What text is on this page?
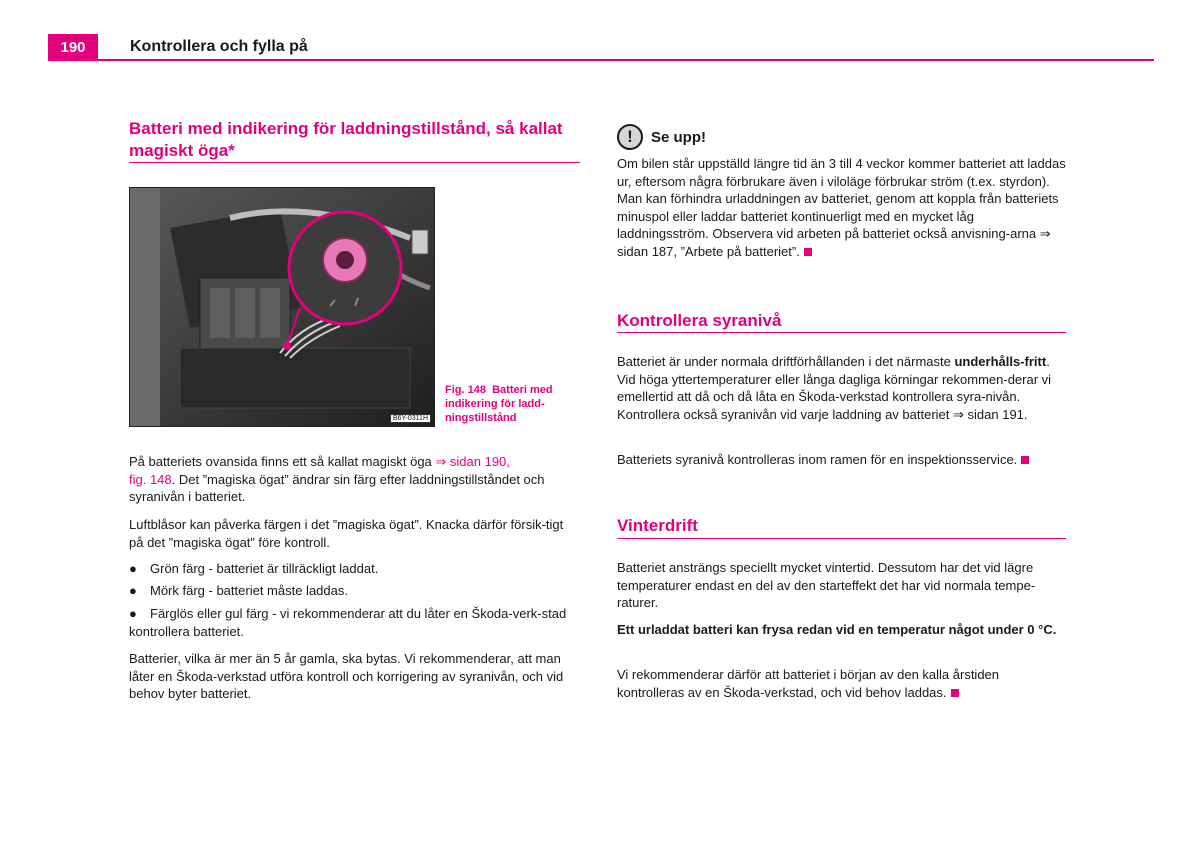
190	Kontrollera och fylla på
Batteri med indikering för laddningstillstånd, så kallat magiskt öga*
B6Y-0311H
Fig. 148 Batteri med indikering för ladd-ningstillstånd
På batteriets ovansida finns ett så kallat magiskt öga ⇒ sidan 190,
fig. 148. Det ”magiska ögat” ändrar sin färg efter laddningstillståndet och syranivån i batteriet.
Luftblåsor kan påverka färgen i det ”magiska ögat”. Knacka därför försik-tigt på det ”magiska ögat” före kontroll.
●	Grön färg - batteriet är tillräckligt laddat.
●	Mörk färg - batteriet måste laddas.
●	Färglös eller gul färg - vi rekommenderar att du låter en Škoda-verk-stad kontrollera batteriet.
Batterier, vilka är mer än 5 år gamla, ska bytas. Vi rekommenderar, att man låter en Škoda-verkstad utföra kontroll och korrigering av syranivån, och vid behov byter batteriet.
!	Se upp!
Om bilen står uppställd längre tid än 3 till 4 veckor kommer batteriet att laddas ur, eftersom några förbrukare även i viloläge förbrukar ström (t.ex. styrdon). Man kan förhindra urladdningen av batteriet, genom att koppla från batteriets minuspol eller laddar batteriet kontinuerligt med en mycket låg laddningsström. Observera vid arbeten på batteriet också anvisning-arna ⇒ sidan 187, ”Arbete på batteriet”.
Kontrollera syranivå
Batteriet är under normala driftförhållanden i det närmaste underhålls-fritt. Vid höga yttertemperaturer eller långa dagliga körningar rekommen-derar vi emellertid att då och då låta en Škoda-verkstad kontrollera syra-nivån. Kontrollera också syranivån vid varje laddning av batteriet ⇒ sidan 191.
Batteriets syranivå kontrolleras inom ramen för en inspektionsservice.
Vinterdrift
Batteriet ansträngs speciellt mycket vintertid. Dessutom har det vid lägre temperaturer endast en del av den starteffekt det har vid normala tempe-raturer.
Ett urladdat batteri kan frysa redan vid en temperatur något under 0 °C.
Vi rekommenderar därför att batteriet i början av den kalla årstiden kontrolleras av en Škoda-verkstad, och vid behov laddas.
